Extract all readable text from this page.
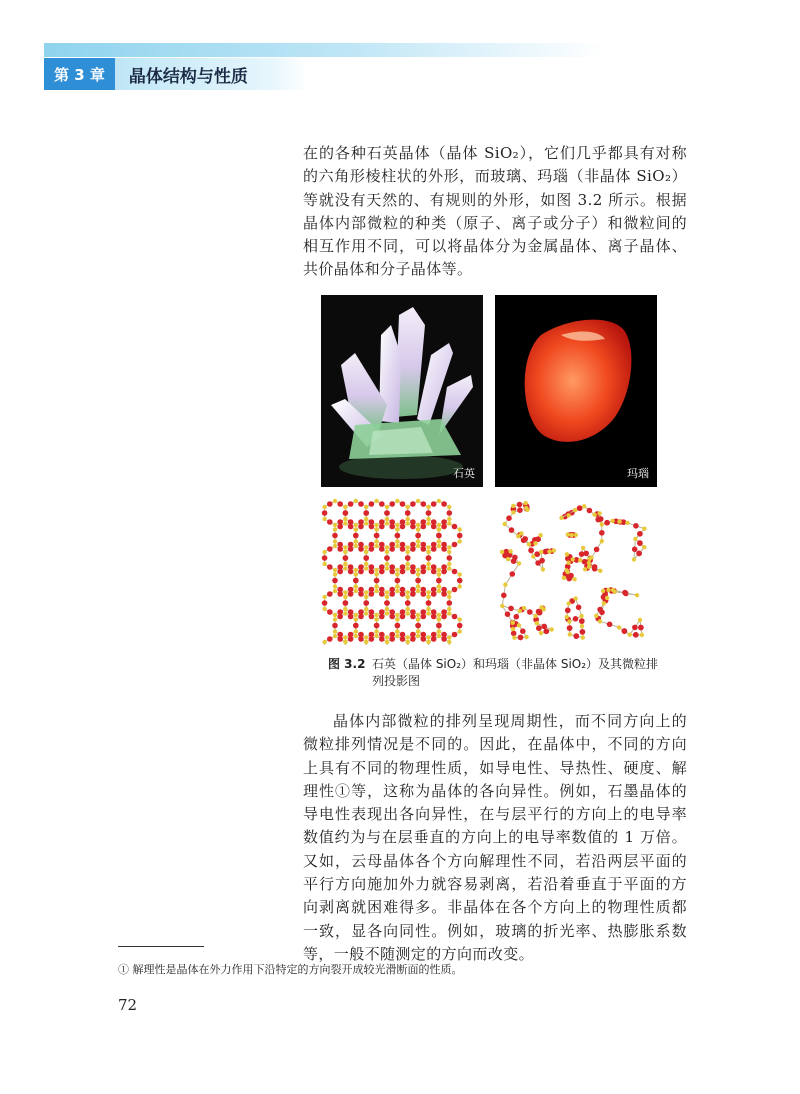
第 3 章	晶体结构与性质

在的各种石英晶体（晶体 SiO₂），它们几乎都具有对称的六角形棱柱状的外形，而玻璃、玛瑙（非晶体 SiO₂）等就没有天然的、有规则的外形，如图 3.2 所示。根据晶体内部微粒的种类（原子、离子或分子）和微粒间的相互作用不同，可以将晶体分为金属晶体、离子晶体、共价晶体和分子晶体等。

石英	玛瑙
图 3.2 石英（晶体 SiO₂）和玛瑙（非晶体 SiO₂）及其微粒排列投影图

晶体内部微粒的排列呈现周期性，而不同方向上的微粒排列情况是不同的。因此，在晶体中，不同的方向上具有不同的物理性质，如导电性、导热性、硬度、解理性①等，这称为晶体的各向异性。例如，石墨晶体的导电性表现出各向异性，在与层平行的方向上的电导率数值约为与在层垂直的方向上的电导率数值的 1 万倍。又如，云母晶体各个方向解理性不同，若沿两层平面的平行方向施加外力就容易剥离，若沿着垂直于平面的方向剥离就困难得多。非晶体在各个方向上的物理性质都一致，显各向同性。例如，玻璃的折光率、热膨胀系数等，一般不随测定的方向而改变。

① 解理性是晶体在外力作用下沿特定的方向裂开成较光滑断面的性质。
72
